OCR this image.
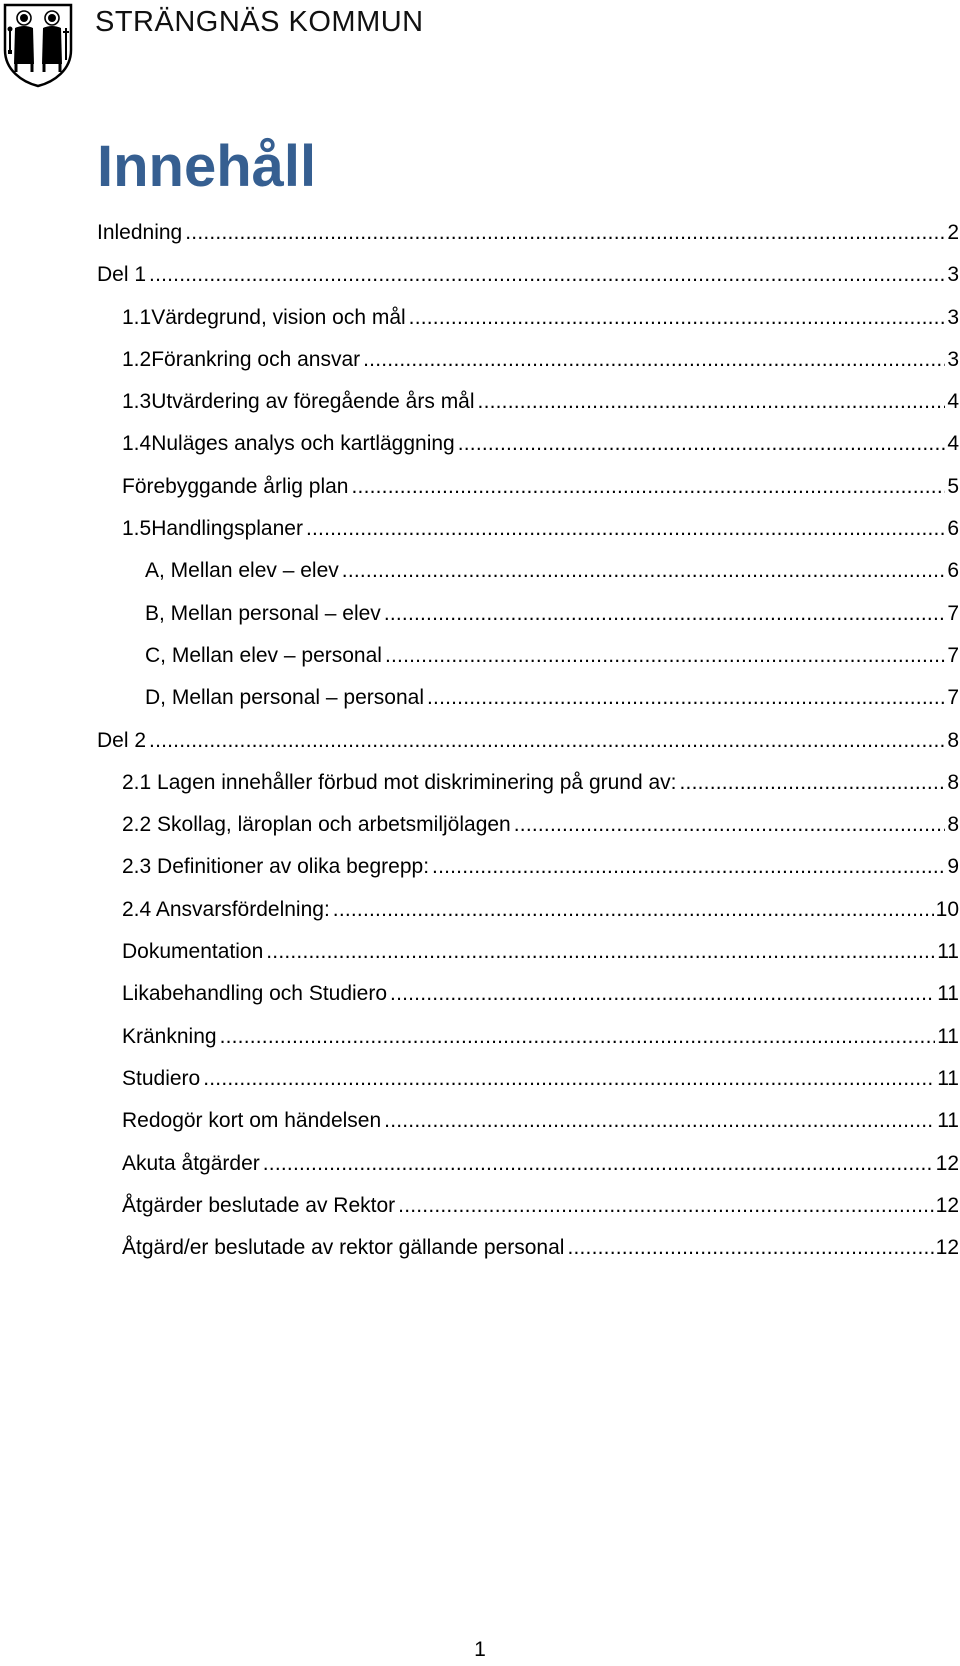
STRÄNGNÄS KOMMUN
Innehåll
Inledning .....	2
Del 1 .....	3
1.1Värdegrund, vision och mål .....	3
1.2Förankring och ansvar .....	3
1.3Utvärdering av föregående års mål .....	4
1.4Nuläges analys och kartläggning .....	4
Förebyggande årlig plan .....	5
1.5Handlingsplaner .....	6
A, Mellan elev – elev .....	6
B, Mellan personal – elev .....	7
C, Mellan elev – personal .....	7
D, Mellan personal – personal .....	7
Del 2 .....	8
2.1 Lagen innehåller förbud mot diskriminering på grund av: .....	8
2.2 Skollag, läroplan och arbetsmiljölagen .....	8
2.3 Definitioner av olika begrepp: .....	9
2.4 Ansvarsfördelning: .....	10
Dokumentation .....	11
Likabehandling och Studiero .....	11
Kränkning .....	11
Studiero .....	11
Redogör kort om händelsen .....	11
Akuta åtgärder .....	12
Åtgärder beslutade av Rektor .....	12
Åtgärd/er beslutade av rektor gällande personal .....	12
1
